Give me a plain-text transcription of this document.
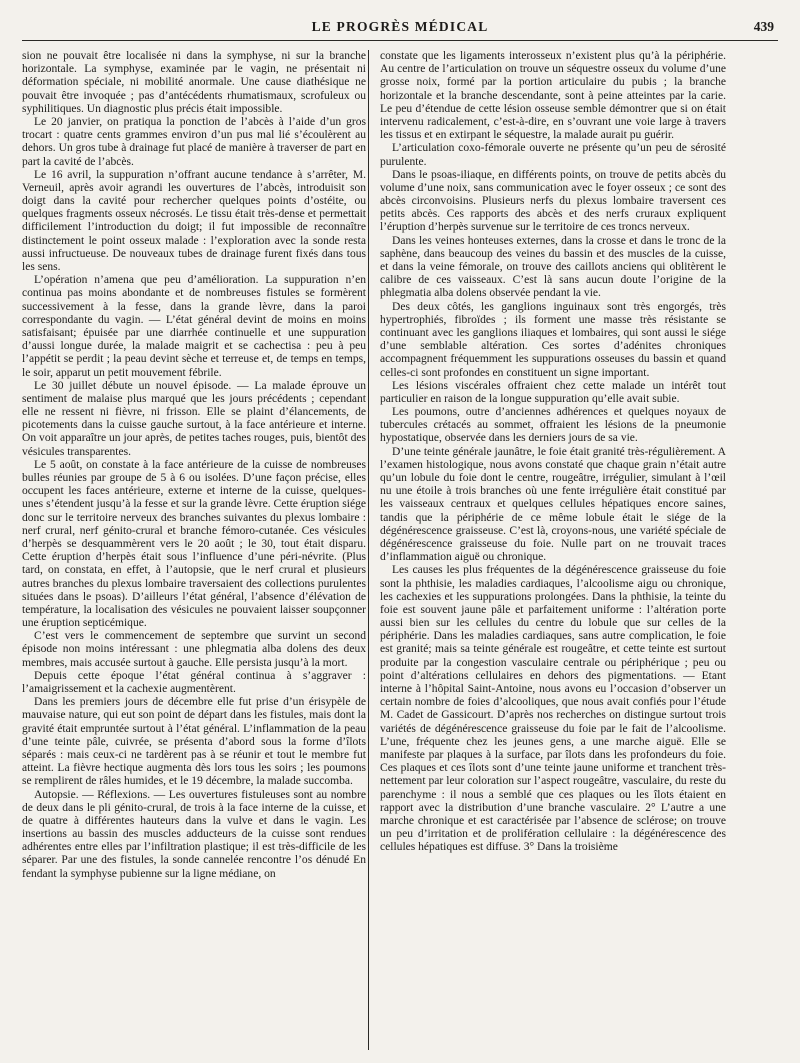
LE PROGRÈS MÉDICAL	439

sion ne pouvait être localisée ni dans la symphyse, ni sur la branche horizontale. La symphyse, examinée par le vagin, ne présentait ni déformation spéciale, ni mobilité anormale. Une cause diathésique ne pouvait être invoquée ; pas d’antécédents rhumatismaux, scrofuleux ou syphilitiques. Un diagnostic plus précis était impossible.

Le 20 janvier, on pratiqua la ponction de l’abcès à l’aide d’un gros trocart : quatre cents grammes environ d’un pus mal lié s’écoulèrent au dehors. Un gros tube à drainage fut placé de manière à traverser de part en part la cavité de l’abcès.

Le 16 avril, la suppuration n’offrant aucune tendance à s’arrêter, M. Verneuil, après avoir agrandi les ouvertures de l’abcès, introduisit son doigt dans la cavité pour rechercher quelques points d’ostéite, ou quelques fragments osseux nécrosés. Le tissu était très-dense et permettait difficilement l’introduction du doigt; il fut impossible de reconnaître distinctement le point osseux malade : l’exploration avec la sonde resta aussi infructueuse. De nouveaux tubes de drainage furent fixés dans tous les sens.

L’opération n’amena que peu d’amélioration. La suppuration n’en continua pas moins abondante et de nombreuses fistules se formèrent successivement à la fesse, dans la grande lèvre, dans la paroi correspondante du vagin. — L’état général devint de moins en moins satisfaisant; épuisée par une diarrhée continuelle et une suppuration d’aussi longue durée, la malade maigrit et se cachectisa : peu à peu l’appétit se perdit ; la peau devint sèche et terreuse et, de temps en temps, le soir, apparut un petit mouvement fébrile.

Le 30 juillet débute un nouvel épisode. — La malade éprouve un sentiment de malaise plus marqué que les jours précédents ; cependant elle ne ressent ni fièvre, ni frisson. Elle se plaint d’élancements, de picotements dans la cuisse gauche surtout, à la face antérieure et interne. On voit apparaître un jour après, de petites taches rouges, puis, bientôt des vésicules transparentes.

Le 5 août, on constate à la face antérieure de la cuisse de nombreuses bulles réunies par groupe de 5 à 6 ou isolées. D’une façon précise, elles occupent les faces antérieure, externe et interne de la cuisse, quelques-unes s’étendent jusqu’à la fesse et sur la grande lèvre. Cette éruption siége donc sur le territoire nerveux des branches suivantes du plexus lombaire : nerf crural, nerf génito-crural et branche fémoro-cutanée. Ces vésicules d’herpès se desquammèrent vers le 20 août ; le 30, tout était disparu. Cette éruption d’herpès était sous l’influence d’une péri-névrite. (Plus tard, on constata, en effet, à l’autopsie, que le nerf crural et plusieurs autres branches du plexus lombaire traversaient des collections purulentes situées dans le psoas). D’ailleurs l’état général, l’absence d’élévation de température, la localisation des vésicules ne pouvaient laisser soupçonner une éruption septicémique.

C’est vers le commencement de septembre que survint un second épisode non moins intéressant : une phlegmatia alba dolens des deux membres, mais accusée surtout à gauche. Elle persista jusqu’à la mort.

Depuis cette époque l’état général continua à s’aggraver : l’amaigrissement et la cachexie augmentèrent.

Dans les premiers jours de décembre elle fut prise d’un érisypèle de mauvaise nature, qui eut son point de départ dans les fistules, mais dont la gravité était empruntée surtout à l’état général. L’inflammation de la peau d’une teinte pâle, cuivrée, se présenta d’abord sous la forme d’îlots séparés : mais ceux-ci ne tardèrent pas à se réunir et tout le membre fut atteint. La fièvre hectique augmenta dès lors tous les soirs ; les poumons se remplirent de râles humides, et le 19 décembre, la malade succomba.

Autopsie. — Réflexions. — Les ouvertures fistuleuses sont au nombre de deux dans le pli génito-crural, de trois à la face interne de la cuisse, et de quatre à différentes hauteurs dans la vulve et dans le vagin. Les insertions au bassin des muscles adducteurs de la cuisse sont rendues adhérentes entre elles par l’infiltration plastique; il est très-difficile de les séparer. Par une des fistules, la sonde cannelée rencontre l’os dénudé En fendant la symphyse pubienne sur la ligne médiane, on

constate que les ligaments interosseux n’existent plus qu’à la périphérie. Au centre de l’articulation on trouve un séquestre osseux du volume d’une grosse noix, formé par la portion articulaire du pubis ; la branche horizontale et la branche descendante, sont à peine atteintes par la carie. Le peu d’étendue de cette lésion osseuse semble démontrer que si on était intervenu radicalement, c’est-à-dire, en s’ouvrant une voie large à travers les tissus et en extirpant le séquestre, la malade aurait pu guérir.

L’articulation coxo-fémorale ouverte ne présente qu’un peu de sérosité purulente.

Dans le psoas-iliaque, en différents points, on trouve de petits abcès du volume d’une noix, sans communication avec le foyer osseux ; ce sont des abcès circonvoisins. Plusieurs nerfs du plexus lombaire traversent ces petits abcès. Ces rapports des abcès et des nerfs cruraux expliquent l’éruption d’herpès survenue sur le territoire de ces troncs nerveux.

Dans les veines honteuses externes, dans la crosse et dans le tronc de la saphène, dans beaucoup des veines du bassin et des muscles de la cuisse, et dans la veine fémorale, on trouve des caillots anciens qui oblitèrent le calibre de ces vaisseaux. C’est là sans aucun doute l’origine de la phlegmatia alba dolens observée pendant la vie.

Des deux côtés, les ganglions inguinaux sont très engorgés, très hypertrophiés, fibroïdes ; ils forment une masse très résistante se continuant avec les ganglions iliaques et lombaires, qui sont aussi le siége d’une semblable altération. Ces sortes d’adénites chroniques accompagnent fréquemment les suppurations osseuses du bassin et quand celles-ci sont profondes en constituent un signe important.

Les lésions viscérales offraient chez cette malade un intérêt tout particulier en raison de la longue suppuration qu’elle avait subie.

Les poumons, outre d’anciennes adhérences et quelques noyaux de tubercules crétacés au sommet, offraient les lésions de la pneumonie hypostatique, observée dans les derniers jours de sa vie.

D’une teinte générale jaunâtre, le foie était granité très-régulièrement. A l’examen histologique, nous avons constaté que chaque grain n’était autre qu’un lobule du foie dont le centre, rougeâtre, irrégulier, simulant à l’œil nu une étoile à trois branches où une fente irrégulière était constitué par les vaisseaux centraux et quelques cellules hépatiques encore saines, tandis que la périphérie de ce même lobule était le siége de la dégénérescence graisseuse. C’est là, croyons-nous, une variété spéciale de dégénérescence graisseuse du foie. Nulle part on ne trouvait traces d’inflammation aiguë ou chronique.

Les causes les plus fréquentes de la dégénérescence graisseuse du foie sont la phthisie, les maladies cardiaques, l’alcoolisme aigu ou chronique, les cachexies et les suppurations prolongées. Dans la phthisie, la teinte du foie est souvent jaune pâle et parfaitement uniforme : l’altération porte aussi bien sur les cellules du centre du lobule que sur celles de la périphérie. Dans les maladies cardiaques, sans autre complication, le foie est granité; mais sa teinte générale est rougeâtre, et cette teinte est surtout produite par la congestion vasculaire centrale ou périphérique ; peu ou point d’altérations cellulaires en dehors des pigmentations. — Etant interne à l’hôpital Saint-Antoine, nous avons eu l’occasion d’observer un certain nombre de foies d’alcooliques, que nous avait confiés pour l’étude M. Cadet de Gassicourt. D’après nos recherches on distingue surtout trois variétés de dégénérescence graisseuse du foie par le fait de l’alcoolisme. L’une, fréquente chez les jeunes gens, a une marche aiguë. Elle se manifeste par plaques à la surface, par îlots dans les profondeurs du foie. Ces plaques et ces îlots sont d’une teinte jaune uniforme et tranchent très-nettement par leur coloration sur l’aspect rougeâtre, vasculaire, du reste du parenchyme : il nous a semblé que ces plaques ou les îlots étaient en rapport avec la distribution d’une branche vasculaire. 2° L’autre a une marche chronique et est caractérisée par l’absence de sclérose; on trouve un peu d’irritation et de prolifération cellulaire : la dégénérescence des cellules hépatiques est diffuse. 3° Dans la troisième
